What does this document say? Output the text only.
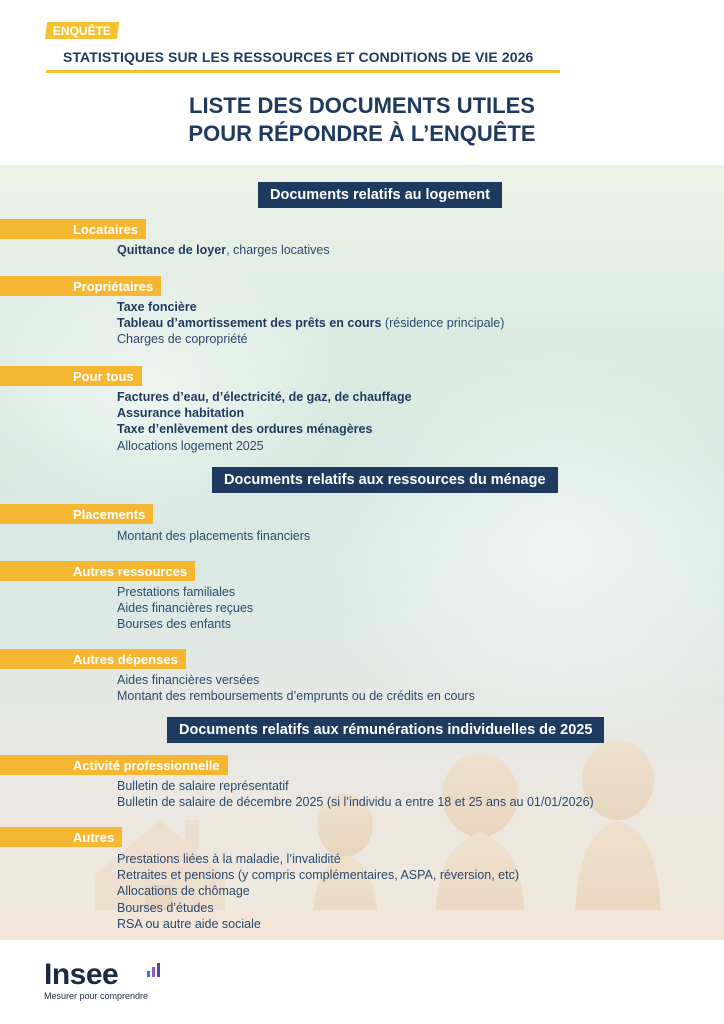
ENQUÊTE
STATISTIQUES SUR LES RESSOURCES ET CONDITIONS DE VIE 2026
LISTE DES DOCUMENTS UTILES
POUR RÉPONDRE À L’ENQUÊTE
Documents relatifs au logement
Locataires
Quittance de loyer, charges locatives
Propriétaires
Taxe foncière
Tableau d’amortissement des prêts en cours (résidence principale)
Charges de copropriété
Pour tous
Factures d’eau, d’électricité, de gaz, de chauffage
Assurance habitation
Taxe d’enlèvement des ordures ménagères
Allocations logement 2025
Documents relatifs aux ressources du ménage
Placements
Montant des placements financiers
Autres ressources
Prestations familiales
Aides financières reçues
Bourses des enfants
Autres dépenses
Aides financières versées
Montant des remboursements d’emprunts ou de crédits en cours
Documents relatifs aux rémunérations individuelles de 2025
Activité professionnelle
Bulletin de salaire représentatif
Bulletin de salaire de décembre 2025 (si l’individu a entre 18 et 25 ans au 01/01/2026)
Autres
Prestations liées à la maladie, l’invalidité
Retraites et pensions (y compris complémentaires, ASPA, réversion, etc)
Allocations de chômage
Bourses d’études
RSA ou autre aide sociale
Insee
Mesurer pour comprendre
